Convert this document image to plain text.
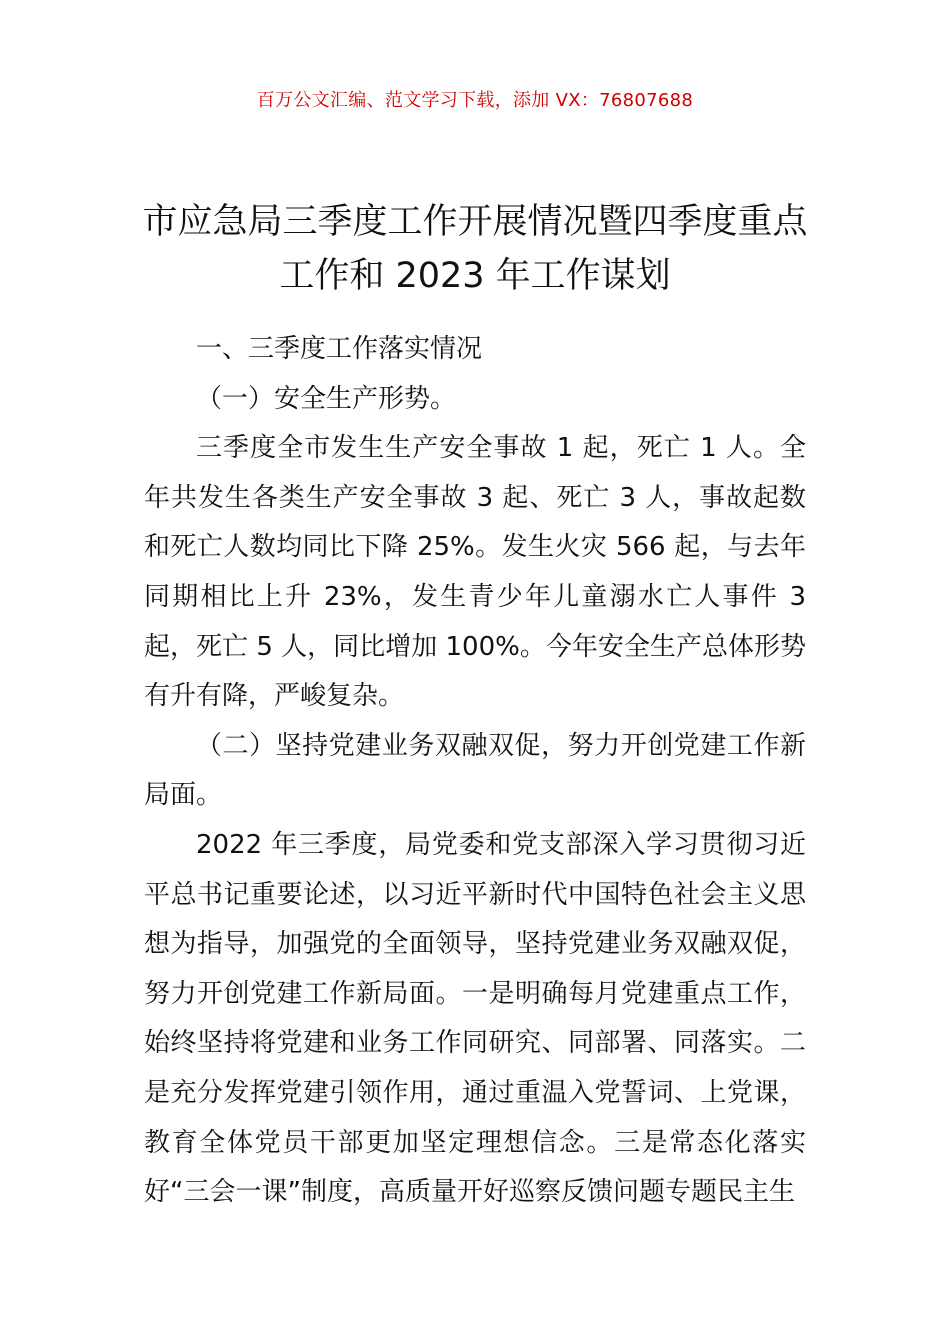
百万公文汇编、范文学习下载，添加 VX：76807688
市应急局三季度工作开展情况暨四季度重点工作和 2023 年工作谋划

一、三季度工作落实情况

（一）安全生产形势。

三季度全市发生生产安全事故 1 起，死亡 1 人。全年共发生各类生产安全事故 3 起、死亡 3 人，事故起数和死亡人数均同比下降 25%。发生火灾 566 起，与去年同期相比上升 23%，发生青少年儿童溺水亡人事件 3 起，死亡 5 人，同比增加 100%。今年安全生产总体形势有升有降，严峻复杂。

（二）坚持党建业务双融双促，努力开创党建工作新局面。

2022 年三季度，局党委和党支部深入学习贯彻习近平总书记重要论述，以习近平新时代中国特色社会主义思想为指导，加强党的全面领导，坚持党建业务双融双促，努力开创党建工作新局面。一是明确每月党建重点工作，始终坚持将党建和业务工作同研究、同部署、同落实。二是充分发挥党建引领作用，通过重温入党誓词、上党课，教育全体党员干部更加坚定理想信念。三是常态化落实好“三会一课”制度，高质量开好巡察反馈问题专题民主生
